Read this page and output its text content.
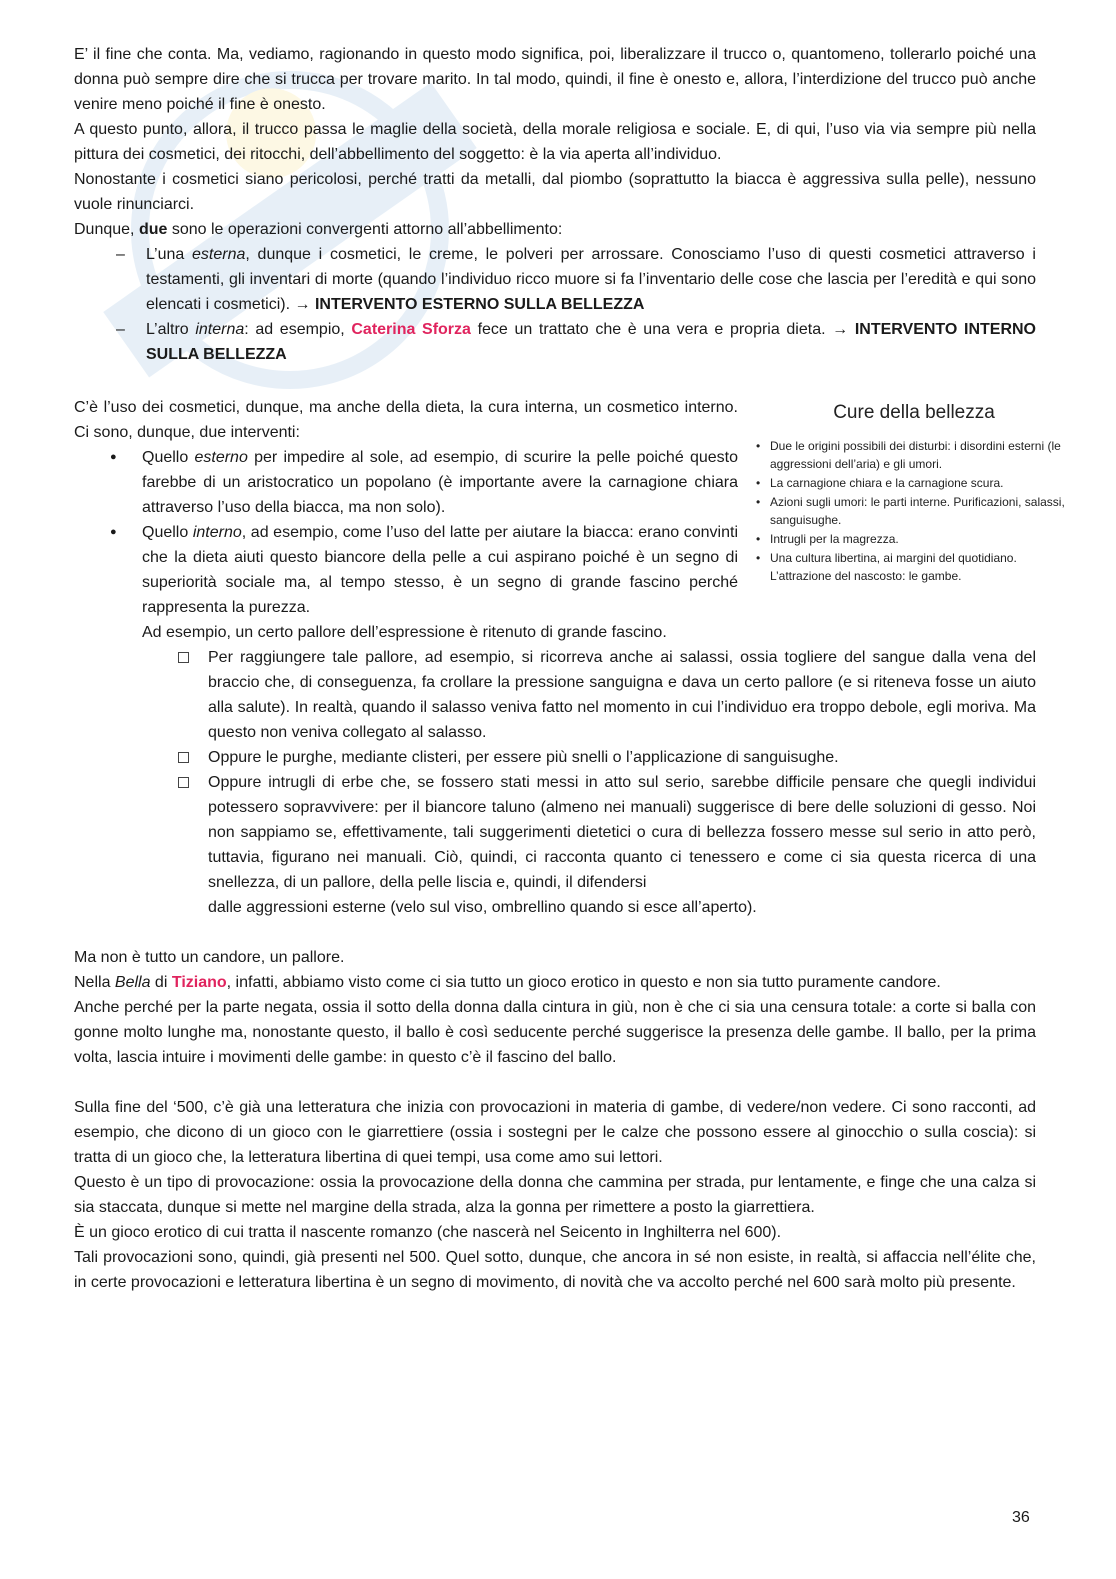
E’ il fine che conta. Ma, vediamo, ragionando in questo modo significa, poi, liberalizzare il trucco o, quantomeno, tollerarlo poiché una donna può sempre dire che si trucca per trovare marito. In tal modo, quindi, il fine è onesto e, allora, l’interdizione del trucco può anche venire meno poiché il fine è onesto.

A questo punto, allora, il trucco passa le maglie della società, della morale religiosa e sociale. E, di qui, l’uso via via sempre più nella pittura dei cosmetici, dei ritocchi, dell’abbellimento del soggetto: è la via aperta all’individuo.

Nonostante i cosmetici siano pericolosi, perché tratti da metalli, dal piombo (soprattutto la biacca è aggressiva sulla pelle), nessuno vuole rinunciarci.

Dunque, due sono le operazioni convergenti attorno all’abbellimento:

– L’una esterna, dunque i cosmetici, le creme, le polveri per arrossare. Conosciamo l’uso di questi cosmetici attraverso i testamenti, gli inventari di morte (quando l’individuo ricco muore si fa l’inventario delle cose che lascia per l’eredità e qui sono elencati i cosmetici). → INTERVENTO ESTERNO SULLA BELLEZZA
– L’altro interna: ad esempio, Caterina Sforza fece un trattato che è una vera e propria dieta. → INTERVENTO INTERNO SULLA BELLEZZA
Cure della bellezza
• Due le origini possibili dei disturbi: i disordini esterni (le aggressioni dell’aria) e gli umori.
• La carnagione chiara e la carnagione scura.
• Azioni sugli umori: le parti interne. Purificazioni, salassi, sanguisughe.
• Intrugli per la magrezza.
• Una cultura libertina, ai margini del quotidiano. L’attrazione del nascosto: le gambe.

C’è l’uso dei cosmetici, dunque, ma anche della dieta, la cura interna, un cosmetico interno. Ci sono, dunque, due interventi:

● Quello esterno per impedire al sole, ad esempio, di scurire la pelle poiché questo farebbe di un aristocratico un popolano (è importante avere la carnagione chiara attraverso l’uso della biacca, ma non solo).
● Quello interno, ad esempio, come l’uso del latte per aiutare la biacca: erano convinti che la dieta aiuti questo biancore della pelle a cui aspirano poiché è un segno di superiorità sociale ma, al tempo stesso, è un segno di grande fascino perché rappresenta la purezza.

Ad esempio, un certo pallore dell’espressione è ritenuto di grande fascino.

Per raggiungere tale pallore, ad esempio, si ricorreva anche ai salassi, ossia togliere del sangue dalla vena del braccio che, di conseguenza, fa crollare la pressione sanguigna e dava un certo pallore (e si riteneva fosse un aiuto alla salute). In realtà, quando il salasso veniva fatto nel momento in cui l’individuo era troppo debole, egli moriva. Ma questo non veniva collegato al salasso.
Oppure le purghe, mediante clisteri, per essere più snelli o l’applicazione di sanguisughe.
Oppure intrugli di erbe che, se fossero stati messi in atto sul serio, sarebbe difficile pensare che quegli individui potessero sopravvivere: per il biancore taluno (almeno nei manuali) suggerisce di bere delle soluzioni di gesso. Noi non sappiamo se, effettivamente, tali suggerimenti dietetici o cura di bellezza fossero messe sul serio in atto però, tuttavia, figurano nei manuali. Ciò, quindi, ci racconta quanto ci tenessero e come ci sia questa ricerca di una snellezza, di un pallore, della pelle liscia e, quindi, il difendersi

dalle aggressioni esterne (velo sul viso, ombrellino quando si esce all’aperto).

Ma non è tutto un candore, un pallore.

Nella Bella di Tiziano, infatti, abbiamo visto come ci sia tutto un gioco erotico in questo e non sia tutto puramente candore.

Anche perché per la parte negata, ossia il sotto della donna dalla cintura in giù, non è che ci sia una censura totale: a corte si balla con gonne molto lunghe ma, nonostante questo, il ballo è così seducente perché suggerisce la presenza delle gambe. Il ballo, per la prima volta, lascia intuire i movimenti delle gambe: in questo c’è il fascino del ballo.

Sulla fine del ‘500, c’è già una letteratura che inizia con provocazioni in materia di gambe, di vedere/non vedere. Ci sono racconti, ad esempio, che dicono di un gioco con le giarrettiere (ossia i sostegni per le calze che possono essere al ginocchio o sulla coscia): si tratta di un gioco che, la letteratura libertina di quei tempi, usa come amo sui lettori.

Questo è un tipo di provocazione: ossia la provocazione della donna che cammina per strada, pur lentamente, e finge che una calza si sia staccata, dunque si mette nel margine della strada, alza la gonna per rimettere a posto la giarrettiera.

È un gioco erotico di cui tratta il nascente romanzo (che nascerà nel Seicento in Inghilterra nel 600).

Tali provocazioni sono, quindi, già presenti nel 500. Quel sotto, dunque, che ancora in sé non esiste, in realtà, si affaccia nell’élite che, in certe provocazioni e letteratura libertina è un segno di movimento, di novità che va accolto perché nel 600 sarà molto più presente.

36
